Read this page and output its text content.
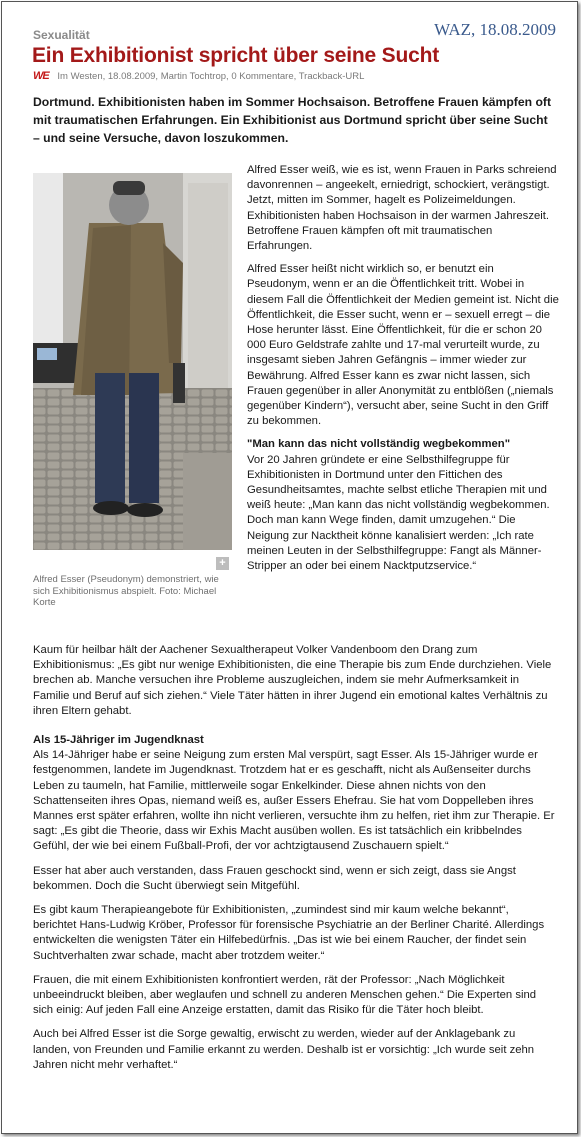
WAZ, 18.08.2009
Sexualität
Ein Exhibitionist spricht über seine Sucht
WE Im Westen, 18.08.2009, Martin Tochtrop, 0 Kommentare, Trackback-URL

Dortmund. Exhibitionisten haben im Sommer Hochsaison. Betroffene Frauen kämpfen oft mit traumatischen Erfahrungen. Ein Exhibitionist aus Dortmund spricht über seine Sucht – und seine Versuche, davon loszukommen.

+

Alfred Esser (Pseudonym) demonstriert, wie sich Exhibitionismus abspielt. Foto: Michael Korte

Alfred Esser weiß, wie es ist, wenn Frauen in Parks schreiend davonrennen – angeekelt, erniedrigt, schockiert, verängstigt. Jetzt, mitten im Sommer, hagelt es Polizeimeldungen. Exhibitionisten haben Hochsaison in der warmen Jahreszeit. Betroffene Frauen kämpfen oft mit traumatischen Erfahrungen.

Alfred Esser heißt nicht wirklich so, er benutzt ein Pseudonym, wenn er an die Öffentlichkeit tritt. Wobei in diesem Fall die Öffentlichkeit der Medien gemeint ist. Nicht die Öffentlichkeit, die Esser sucht, wenn er – sexuell erregt – die Hose herunter lässt. Eine Öffentlichkeit, für die er schon 20 000 Euro Geldstrafe zahlte und 17-mal verurteilt wurde, zu insgesamt sieben Jahren Gefängnis – immer wieder zur Bewährung. Alfred Esser kann es zwar nicht lassen, sich Frauen gegenüber in aller Anonymität zu entblößen („niemals gegenüber Kindern“), versucht aber, seine Sucht in den Griff zu bekommen.

"Man kann das nicht vollständig wegbekommen"

Vor 20 Jahren gründete er eine Selbsthilfegruppe für Exhibitionisten in Dortmund unter den Fittichen des Gesundheitsamtes, machte selbst etliche Therapien mit und weiß heute: „Man kann das nicht vollständig wegbekommen. Doch man kann Wege finden, damit umzugehen.“ Die Neigung zur Nacktheit könne kanalisiert werden: „Ich rate meinen Leuten in der Selbsthilfegruppe: Fangt als Männer-Stripper an oder bei einem Nacktputzservice.“

Kaum für heilbar hält der Aachener Sexualtherapeut Volker Vandenboom den Drang zum Exhibitionismus: „Es gibt nur wenige Exhibitionisten, die eine Therapie bis zum Ende durchziehen. Viele brechen ab. Manche versuchen ihre Probleme auszugleichen, indem sie mehr Aufmerksamkeit in Familie und Beruf auf sich ziehen.“ Viele Täter hätten in ihrer Jugend ein emotional kaltes Verhältnis zu ihren Eltern gehabt.

Als 15-Jähriger im Jugendknast

Als 14-Jähriger habe er seine Neigung zum ersten Mal verspürt, sagt Esser. Als 15-Jähriger wurde er festgenommen, landete im Jugendknast. Trotzdem hat er es geschafft, nicht als Außenseiter durchs Leben zu taumeln, hat Familie, mittlerweile sogar Enkelkinder. Diese ahnen nichts von den Schattenseiten ihres Opas, niemand weiß es, außer Essers Ehefrau. Sie hat vom Doppelleben ihres Mannes erst später erfahren, wollte ihn nicht verlieren, versuchte ihm zu helfen, riet ihm zur Therapie. Er sagt: „Es gibt die Theorie, dass wir Exhis Macht ausüben wollen. Es ist tatsächlich ein kribbelndes Gefühl, der wie bei einem Fußball-Profi, der vor achtzigtausend Zuschauern spielt.“

Esser hat aber auch verstanden, dass Frauen geschockt sind, wenn er sich zeigt, dass sie Angst bekommen. Doch die Sucht überwiegt sein Mitgefühl.

Es gibt kaum Therapieangebote für Exhibitionisten, „zumindest sind mir kaum welche bekannt“, berichtet Hans-Ludwig Kröber, Professor für forensische Psychiatrie an der Berliner Charité. Allerdings entwickelten die wenigsten Täter ein Hilfebedürfnis. „Das ist wie bei einem Raucher, der findet sein Suchtverhalten zwar schade, macht aber trotzdem weiter.“

Frauen, die mit einem Exhibitionisten konfrontiert werden, rät der Professor: „Nach Möglichkeit unbeeindruckt bleiben, aber weglaufen und schnell zu anderen Menschen gehen.“ Die Experten sind sich einig: Auf jeden Fall eine Anzeige erstatten, damit das Risiko für die Täter hoch bleibt.

Auch bei Alfred Esser ist die Sorge gewaltig, erwischt zu werden, wieder auf der Anklagebank zu landen, von Freunden und Familie erkannt zu werden. Deshalb ist er vorsichtig: „Ich wurde seit zehn Jahren nicht mehr verhaftet.“
